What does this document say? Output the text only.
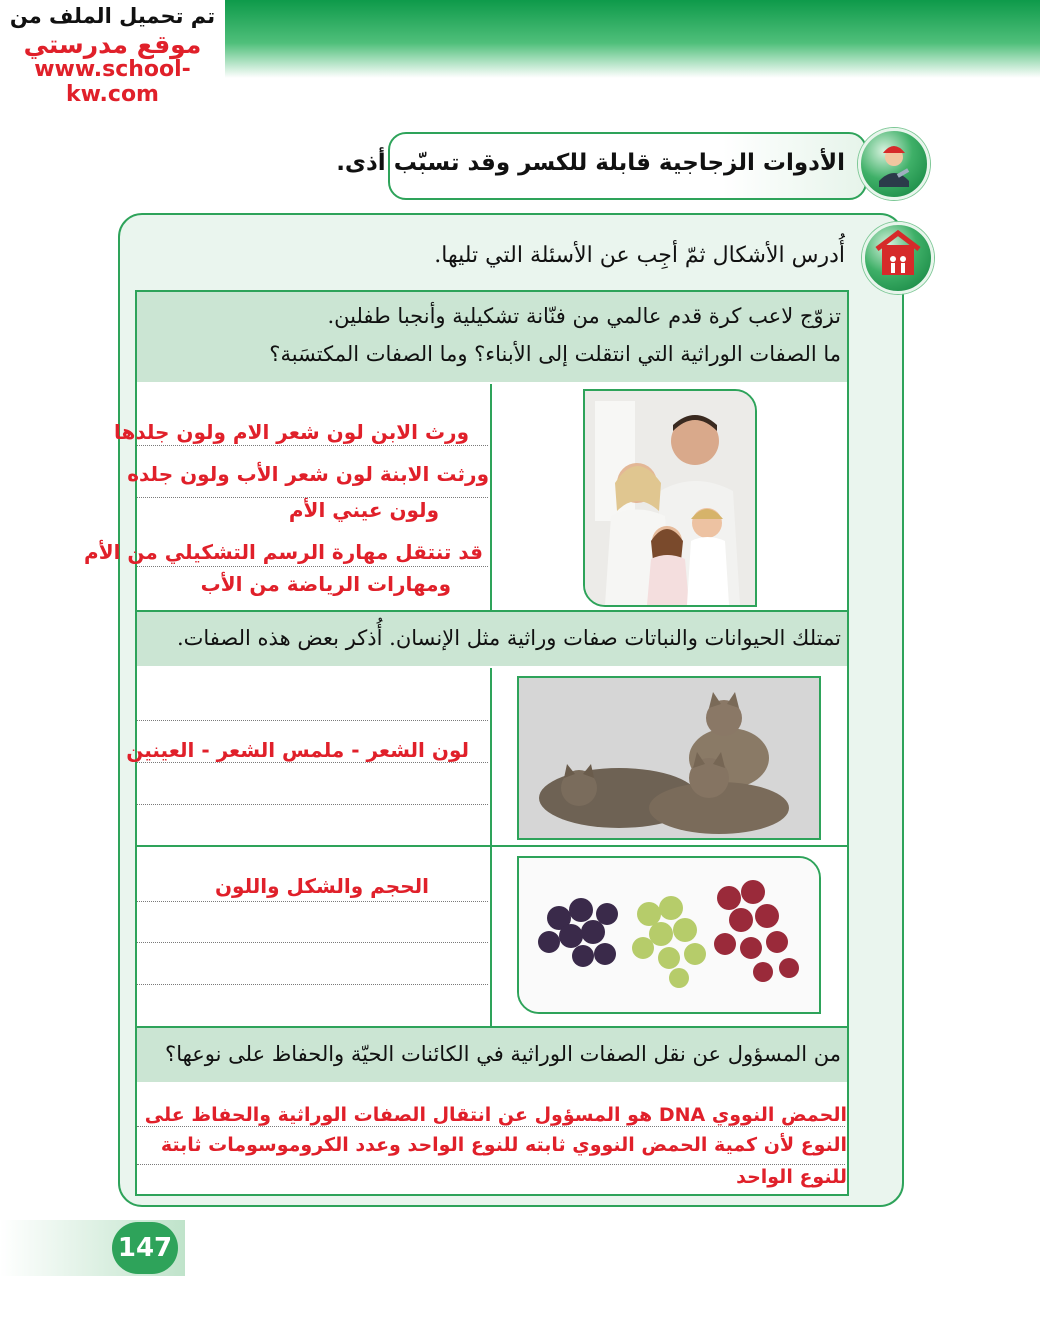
تم تحميل الملف من
موقع مدرستي
www.school-kw.com
الأدوات الزجاجية قابلة للكسر وقد تسبّب أذى.
أُدرس الأشكال ثمّ أجِب عن الأسئلة التي تليها.
تزوّج لاعب كرة قدم عالمي من فنّانة تشكيلية وأنجبا طفلين.
ما الصفات الوراثية التي انتقلت إلى الأبناء؟ وما الصفات المكتسَبة؟
ورث الابن لون شعر الام ولون جلدها
ورثت الابنة لون شعر الأب ولون جلده
ولون عيني الأم
قد تنتقل مهارة الرسم التشكيلي من الأم
ومهارات الرياضة من الأب
تمتلك الحيوانات والنباتات صفات وراثية مثل الإنسان. أُذكر بعض هذه الصفات.
لون الشعر - ملمس الشعر - العينين
الحجم والشكل واللون
من المسؤول عن نقل الصفات الوراثية في الكائنات الحيّة والحفاظ على نوعها؟
الحمض النووي DNA هو المسؤول عن انتقال الصفات الوراثية والحفاظ على
النوع لأن كمية الحمض النووي ثابته للنوع الواحد وعدد الكروموسومات ثابتة
للنوع الواحد
147
